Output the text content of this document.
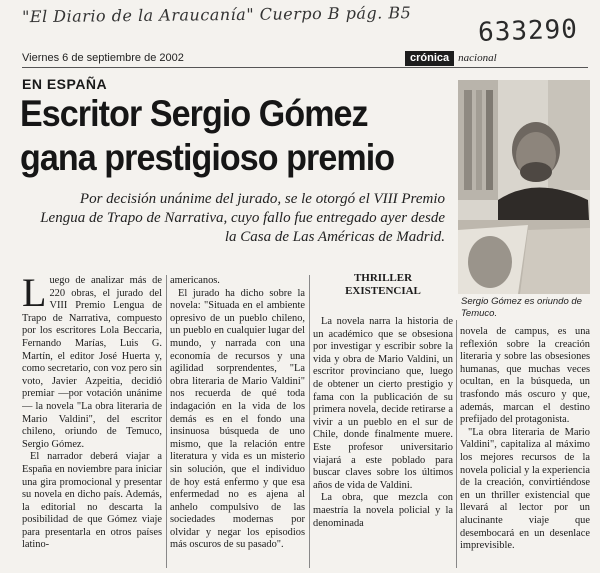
"El Diario de la Araucanía" Cuerpo B pág. B5	633290
Viernes 6 de septiembre de 2002	crónica nacional
EN ESPAÑA
Escritor Sergio Gómez
gana prestigioso premio
Por decisión unánime del jurado, se le otorgó el VIII Premio Lengua de Trapo de Narrativa, cuyo fallo fue entregado ayer desde la Casa de Las Américas de Madrid.
Sergio Gómez es oriundo de Temuco.

Luego de analizar más de 220 obras, el jurado del VIII Premio Lengua de Trapo de Narrativa, compuesto por los escritores Lola Beccaria, Fernando Marías, Luis G. Martín, el editor José Huerta y, como secretario, con voz pero sin voto, Javier Azpeitia, decidió premiar —por votación unánime— la novela "La obra literaria de Mario Valdini", del escritor chileno, oriundo de Temuco, Sergio Gómez.

El narrador deberá viajar a España en noviembre para iniciar una gira promocional y presentar su novela en dicho país. Además, la editorial no descarta la posibilidad de que Gómez viaje para presentarla en otros países latino-

americanos.

El jurado ha dicho sobre la novela: "Situada en el ambiente opresivo de un pueblo chileno, un pueblo en cualquier lugar del mundo, y narrada con una economía de recursos y una agilidad sorprendentes, "La obra literaria de Mario Valdini" nos recuerda de qué toda indagación en la vida de los demás es en el fondo una insinuosa búsqueda de uno mismo, que la relación entre literatura y vida es un misterio sin solución, que el individuo de hoy está enfermo y que esa enfermedad no es ajena al anhelo compulsivo de las sociedades modernas por olvidar y negar los episodios más oscuros de su pasado".

THRILLER EXISTENCIAL

La novela narra la historia de un académico que se obsesiona por investigar y escribir sobre la vida y obra de Mario Valdini, un escritor provinciano que, luego de obtener un cierto prestigio y fama con la publicación de su primera novela, decide retirarse a vivir a un pueblo en el sur de Chile, donde finalmente muere. Este profesor universitario viajará a este poblado para buscar claves sobre los últimos años de vida de Valdini.

La obra, que mezcla con maestría la novela policial y la denominada

novela de campus, es una reflexión sobre la creación literaria y sobre las obsesiones humanas, que muchas veces ocultan, en la búsqueda, un trasfondo más oscuro y que, además, marcan el destino prefijado del protagonista.

"La obra literaria de Mario Valdini", capitaliza al máximo los mejores recursos de la novela policial y la experiencia de la creación, convirtiéndose en un thriller existencial que llevará al lector por un alucinante viaje que desembocará en un desenlace imprevisible.
